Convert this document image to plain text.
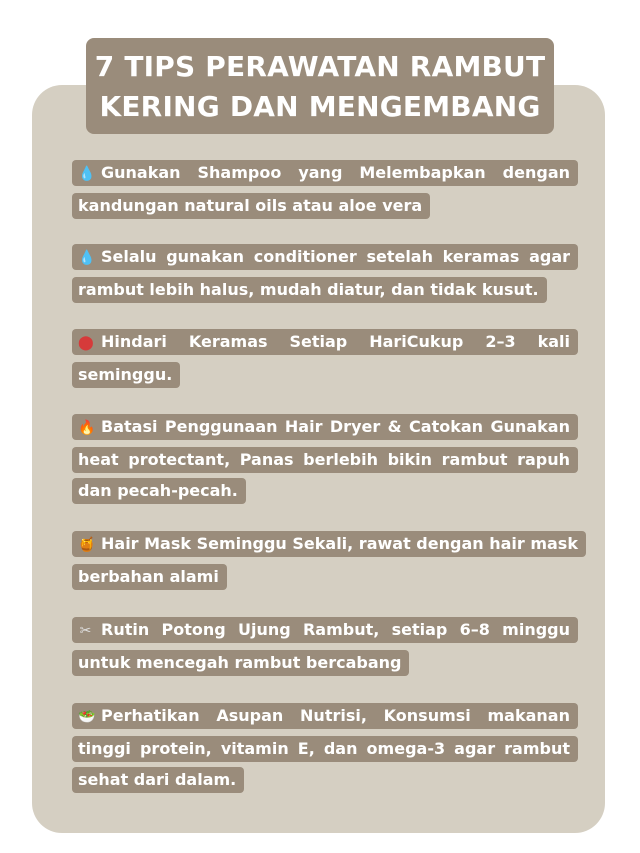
7 TIPS PERAWATAN RAMBUT
KERING DAN MENGEMBANG
💧 Gunakan Shampoo yang Melembapkan dengan kandungan natural oils atau aloe vera
💧 Selalu gunakan conditioner setelah keramas agar rambut lebih halus, mudah diatur, dan tidak kusut.
⬤ Hindari Keramas Setiap HariCukup 2–3 kali seminggu.
🔥 Batasi Penggunaan Hair Dryer & Catokan Gunakan heat protectant, Panas berlebih bikin rambut rapuh dan pecah-pecah.
🍯 Hair Mask Seminggu Sekali, rawat dengan hair mask berbahan alami
✂ Rutin Potong Ujung Rambut, setiap 6–8 minggu untuk mencegah rambut bercabang
🥗 Perhatikan Asupan Nutrisi, Konsumsi makanan tinggi protein, vitamin E, dan omega-3 agar rambut sehat dari dalam.
